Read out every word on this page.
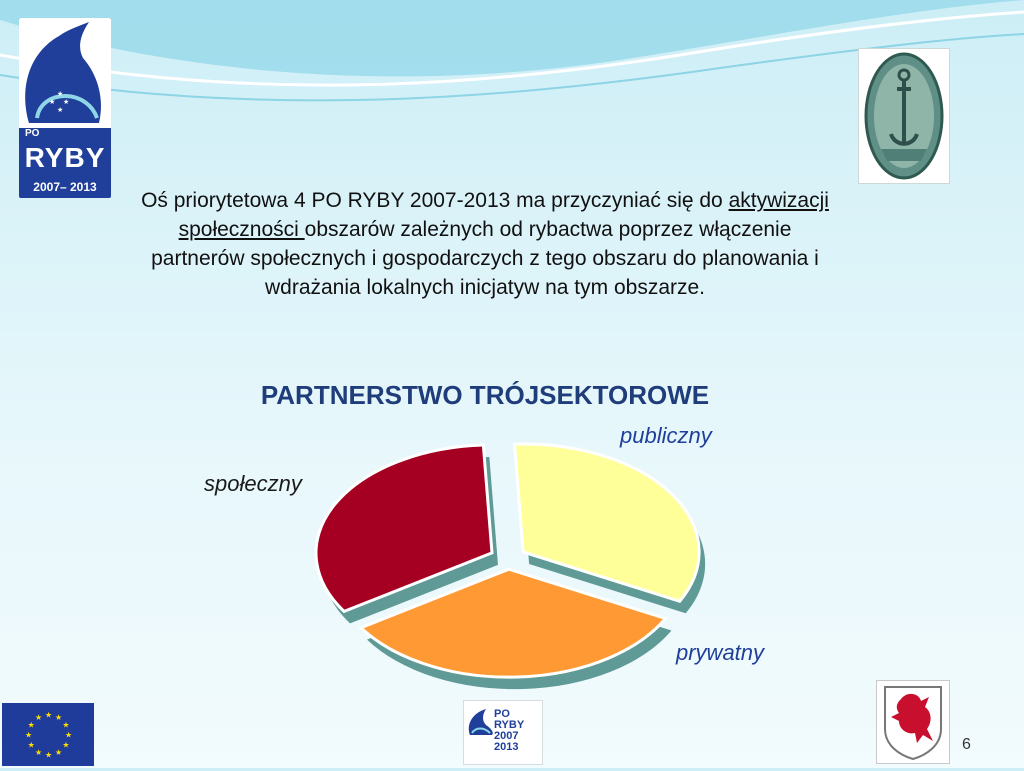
★
★
★
★
PO
RYBY
2007– 2013
Oś priorytetowa 4 PO RYBY 2007-2013 ma przyczyniać się do aktywizacji społeczności obszarów zależnych od rybactwa poprzez włączenie partnerów społecznych i gospodarczych z tego obszaru do planowania i wdrażania lokalnych inicjatyw na tym obszarze.
PARTNERSTWO TRÓJSEKTOROWE
publiczny
społeczny
prywatny
★ ★
★
★
★
★
★
★
★
★
★
★	PO RYBY 2007 2013	6
